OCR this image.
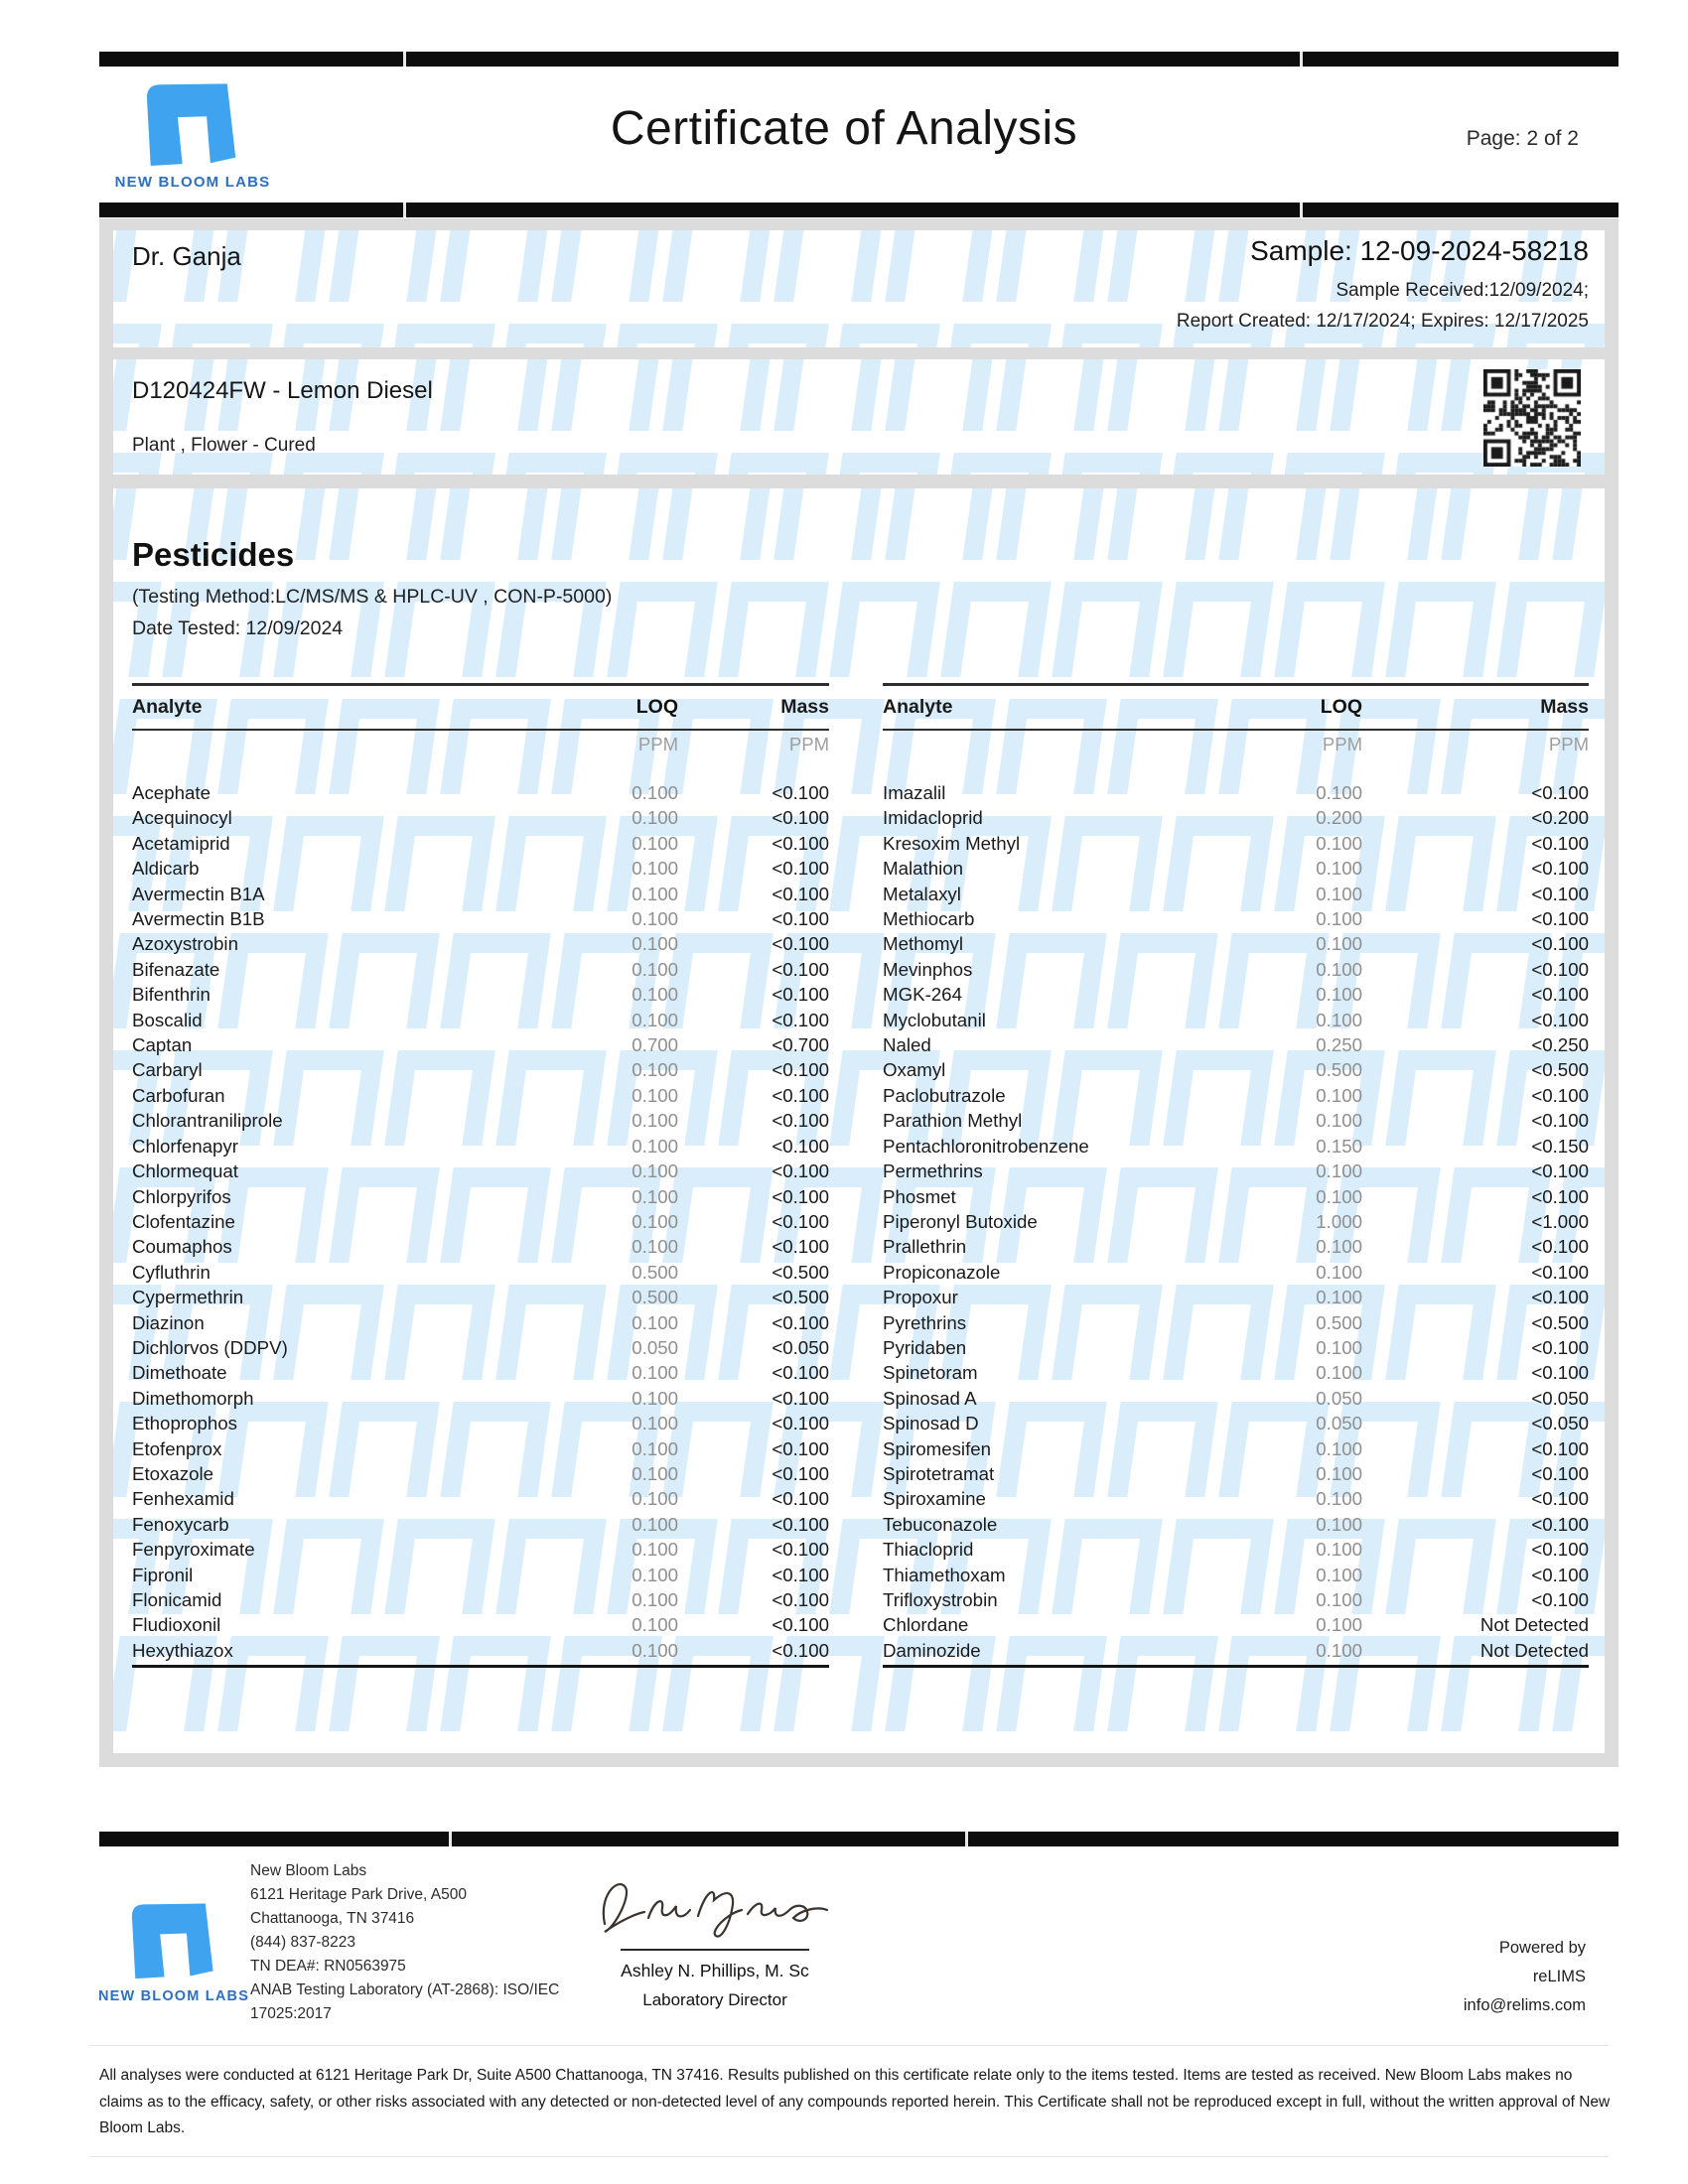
NEW BLOOM LABS
Certificate of Analysis	Page: 2 of 2
Dr. Ganja	Sample: 12-09-2024-58218
Sample Received:12/09/2024;
Report Created: 12/17/2024; Expires: 12/17/2025
D120424FW - Lemon Diesel
Plant , Flower - Cured
Pesticides
(Testing Method:LC/MS/MS & HPLC-UV , CON-P-5000)
Date Tested: 12/09/2024
Analyte	LOQ	Mass
PPM	PPM
Acephate	0.100	<0.100
Acequinocyl	0.100	<0.100
Acetamiprid	0.100	<0.100
Aldicarb	0.100	<0.100
Avermectin B1A	0.100	<0.100
Avermectin B1B	0.100	<0.100
Azoxystrobin	0.100	<0.100
Bifenazate	0.100	<0.100
Bifenthrin	0.100	<0.100
Boscalid	0.100	<0.100
Captan	0.700	<0.700
Carbaryl	0.100	<0.100
Carbofuran	0.100	<0.100
Chlorantraniliprole	0.100	<0.100
Chlorfenapyr	0.100	<0.100
Chlormequat	0.100	<0.100
Chlorpyrifos	0.100	<0.100
Clofentazine	0.100	<0.100
Coumaphos	0.100	<0.100
Cyfluthrin	0.500	<0.500
Cypermethrin	0.500	<0.500
Diazinon	0.100	<0.100
Dichlorvos (DDPV)	0.050	<0.050
Dimethoate	0.100	<0.100
Dimethomorph	0.100	<0.100
Ethoprophos	0.100	<0.100
Etofenprox	0.100	<0.100
Etoxazole	0.100	<0.100
Fenhexamid	0.100	<0.100
Fenoxycarb	0.100	<0.100
Fenpyroximate	0.100	<0.100
Fipronil	0.100	<0.100
Flonicamid	0.100	<0.100
Fludioxonil	0.100	<0.100
Hexythiazox	0.100	<0.100
Analyte	LOQ	Mass
PPM	PPM
Imazalil	0.100	<0.100
Imidacloprid	0.200	<0.200
Kresoxim Methyl	0.100	<0.100
Malathion	0.100	<0.100
Metalaxyl	0.100	<0.100
Methiocarb	0.100	<0.100
Methomyl	0.100	<0.100
Mevinphos	0.100	<0.100
MGK-264	0.100	<0.100
Myclobutanil	0.100	<0.100
Naled	0.250	<0.250
Oxamyl	0.500	<0.500
Paclobutrazole	0.100	<0.100
Parathion Methyl	0.100	<0.100
Pentachloronitrobenzene	0.150	<0.150
Permethrins	0.100	<0.100
Phosmet	0.100	<0.100
Piperonyl Butoxide	1.000	<1.000
Prallethrin	0.100	<0.100
Propiconazole	0.100	<0.100
Propoxur	0.100	<0.100
Pyrethrins	0.500	<0.500
Pyridaben	0.100	<0.100
Spinetoram	0.100	<0.100
Spinosad A	0.050	<0.050
Spinosad D	0.050	<0.050
Spiromesifen	0.100	<0.100
Spirotetramat	0.100	<0.100
Spiroxamine	0.100	<0.100
Tebuconazole	0.100	<0.100
Thiacloprid	0.100	<0.100
Thiamethoxam	0.100	<0.100
Trifloxystrobin	0.100	<0.100
Chlordane	0.100	Not Detected
Daminozide	0.100	Not Detected
NEW BLOOM LABS
New Bloom Labs
6121 Heritage Park Drive, A500
Chattanooga, TN 37416
(844) 837-8223
TN DEA#: RN0563975
ANAB Testing Laboratory (AT-2868): ISO/IEC
17025:2017
Ashley N. Phillips, M. Sc
Laboratory Director
Powered by
reLIMS
info@relims.com
All analyses were conducted at 6121 Heritage Park Dr, Suite A500 Chattanooga, TN 37416. Results published on this certificate relate only to the items tested. Items are tested as received. New Bloom Labs makes no claims as to the efficacy, safety, or other risks associated with any detected or non-detected level of any compounds reported herein. This Certificate shall not be reproduced except in full, without the written approval of New Bloom Labs.
